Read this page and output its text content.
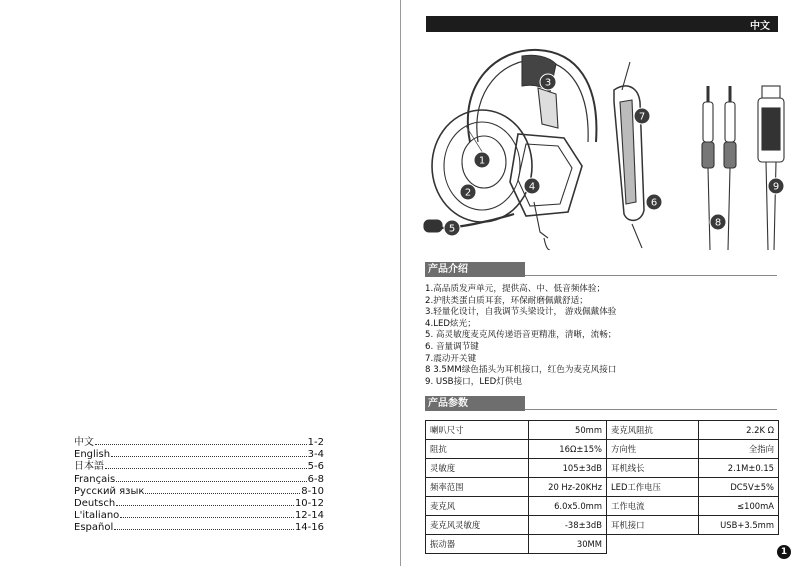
中文	1-2
English	3-4
日本語	5-6
Français	6-8
Русский язык	8-10
Deutsch	10-12
L'italiano	12-14
Español	14-16
中文
1
2
3
4
5
6
7
8
9
产品介绍
1.高品质发声单元，提供高、中、低音频体验；
2.护肤类蛋白质耳套，环保耐磨佩戴舒适；
3.轻量化设计，自我调节头梁设计， 游戏佩戴体验
4.LED炫光；
5. 高灵敏度麦克风传递语音更精准，清晰，流畅；
6. 音量调节键
7.震动开关键
8 3.5MM绿色插头为耳机接口，红色为麦克风接口
9. USB接口，LED灯供电
产品参数
喇叭尺寸	50mm	麦克风阻抗	2.2K Ω
阻抗	16Ω±15%	方向性	全指向
灵敏度	105±3dB	耳机线长	2.1M±0.15
频率范围	20 Hz-20KHz	LED工作电压	DC5V±5%
麦克风	6.0x5.0mm	工作电流	≤100mA
麦克风灵敏度	-38±3dB	耳机接口	USB+3.5mm
振动器	30MM		
1
